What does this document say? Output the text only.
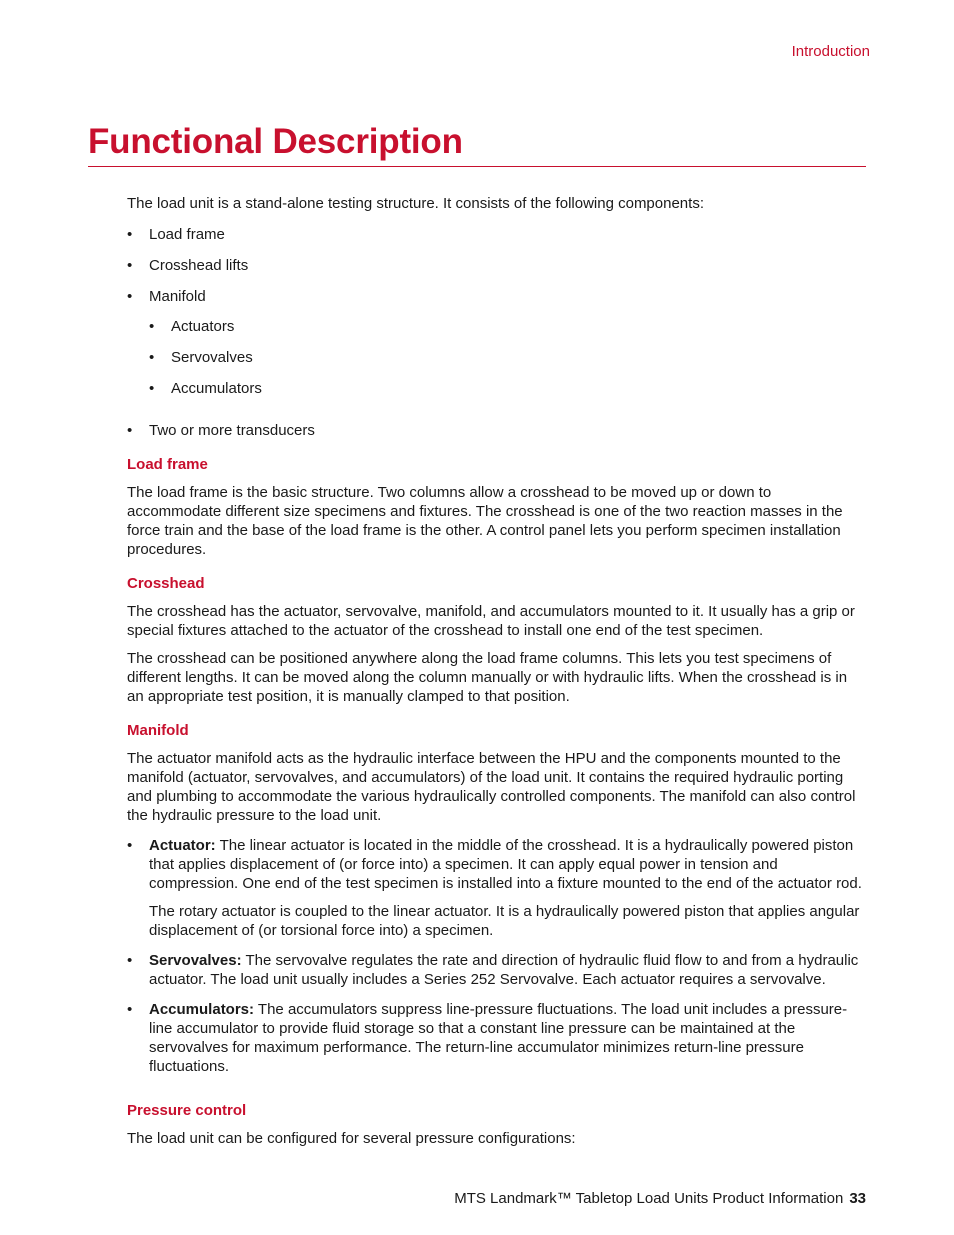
Introduction
Functional Description

The load unit is a stand-alone testing structure. It consists of the following components:

• Load frame
• Crosshead lifts
• Manifold
• Actuators
• Servovalves
• Accumulators
• Two or more transducers
Load frame

The load frame is the basic structure. Two columns allow a crosshead to be moved up or down to accommodate different size specimens and fixtures. The crosshead is one of the two reaction masses in the force train and the base of the load frame is the other. A control panel lets you perform specimen installation procedures.

Crosshead

The crosshead has the actuator, servovalve, manifold, and accumulators mounted to it. It usually has a grip or special fixtures attached to the actuator of the crosshead to install one end of the test specimen.

The crosshead can be positioned anywhere along the load frame columns. This lets you test specimens of different lengths. It can be moved along the column manually or with hydraulic lifts. When the crosshead is in an appropriate test position, it is manually clamped to that position.

Manifold

The actuator manifold acts as the hydraulic interface between the HPU and the components mounted to the manifold (actuator, servovalves, and accumulators) of the load unit. It contains the required hydraulic porting and plumbing to accommodate the various hydraulically controlled components. The manifold can also control the hydraulic pressure to the load unit.

• Actuator: The linear actuator is located in the middle of the crosshead. It is a hydraulically powered piston that applies displacement of (or force into) a specimen. It can apply equal power in tension and compression. One end of the test specimen is installed into a fixture mounted to the end of the actuator rod.
The rotary actuator is coupled to the linear actuator. It is a hydraulically powered piston that applies angular displacement of (or torsional force into) a specimen.
• Servovalves: The servovalve regulates the rate and direction of hydraulic fluid flow to and from a hydraulic actuator. The load unit usually includes a Series 252 Servovalve. Each actuator requires a servovalve.
• Accumulators: The accumulators suppress line-pressure fluctuations. The load unit includes a pressure-line accumulator to provide fluid storage so that a constant line pressure can be maintained at the servovalves for maximum performance. The return-line accumulator minimizes return-line pressure fluctuations.
Pressure control

The load unit can be configured for several pressure configurations:

MTS Landmark™ Tabletop Load Units Product Information 33
